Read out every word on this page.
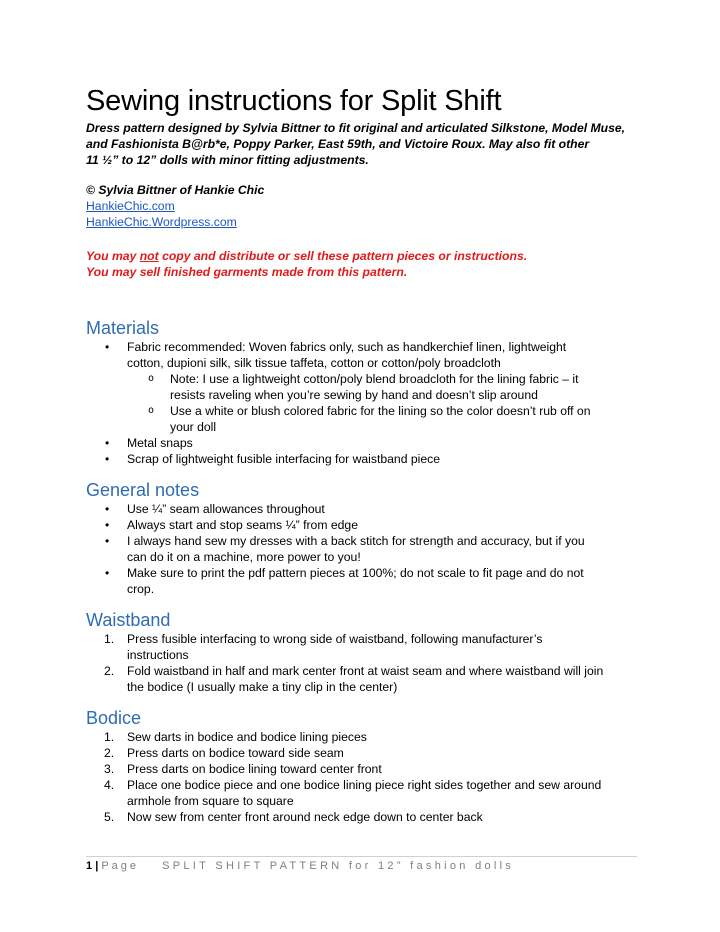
Sewing instructions for Split Shift
Dress pattern designed by Sylvia Bittner to fit original and articulated Silkstone, Model Muse,
and Fashionista B@rb*e, Poppy Parker, East 59th, and Victoire Roux. May also fit other
11 ½” to 12” dolls with minor fitting adjustments.
© Sylvia Bittner of Hankie Chic
HankieChic.com
HankieChic.Wordpress.com
You may not copy and distribute or sell these pattern pieces or instructions.
You may sell finished garments made from this pattern.
Materials
• Fabric recommended: Woven fabrics only, such as handkerchief linen, lightweight
cotton, dupioni silk, silk tissue taffeta, cotton or cotton/poly broadcloth
o Note: I use a lightweight cotton/poly blend broadcloth for the lining fabric – it
resists raveling when you’re sewing by hand and doesn’t slip around
o Use a white or blush colored fabric for the lining so the color doesn’t rub off on
your doll
• Metal snaps
• Scrap of lightweight fusible interfacing for waistband piece
General notes
• Use ¼” seam allowances throughout
• Always start and stop seams ¼” from edge
• I always hand sew my dresses with a back stitch for strength and accuracy, but if you
can do it on a machine, more power to you!
• Make sure to print the pdf pattern pieces at 100%; do not scale to fit page and do not
crop.
Waistband
1. Press fusible interfacing to wrong side of waistband, following manufacturer’s
instructions
2. Fold waistband in half and mark center front at waist seam and where waistband will join
the bodice (I usually make a tiny clip in the center)
Bodice
1. Sew darts in bodice and bodice lining pieces
2. Press darts on bodice toward side seam
3. Press darts on bodice lining toward center front
4. Place one bodice piece and one bodice lining piece right sides together and sew around
armhole from square to square
5. Now sew from center front around neck edge down to center back
1 | Page SPLIT SHIFT PATTERN for 12” fashion dolls
